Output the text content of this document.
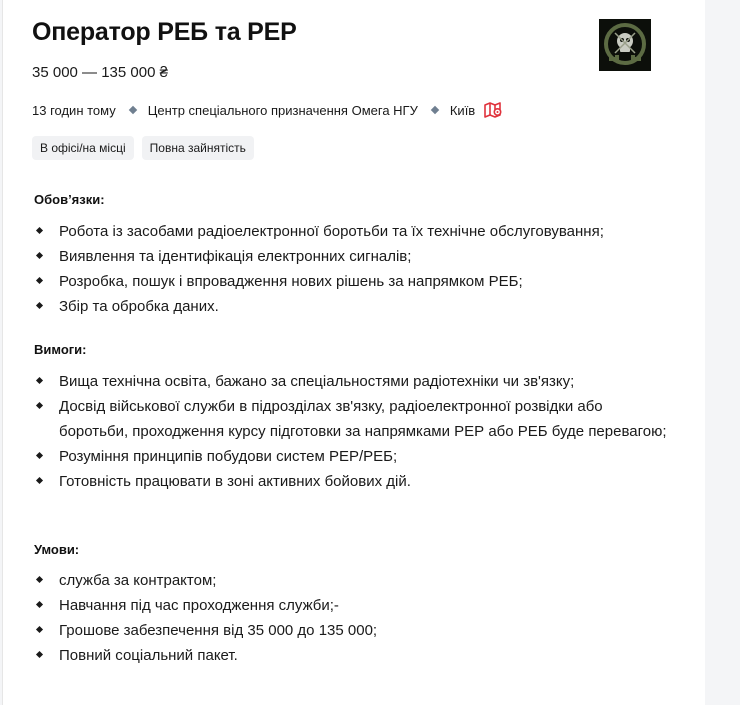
Оператор РЕБ та РЕР
35 000 — 135 000 ₴
13 годин тому Центр спеціального призначення Омега НГУ Київ
В офісі/на місці	Повна зайнятість
Обов’язки:
Робота із засобами радіоелектронної боротьби та їх технічне обслуговування;
Виявлення та ідентифікація електронних сигналів;
Розробка, пошук і впровадження нових рішень за напрямком РЕБ;
Збір та обробка даних.
Вимоги:
Вища технічна освіта, бажано за спеціальностями радіотехніки чи зв'язку;
Досвід військової служби в підрозділах зв'язку, радіоелектронної розвідки або боротьби, проходження курсу підготовки за напрямками РЕР або РЕБ буде перевагою;
Розуміння принципів побудови систем РЕР/РЕБ;
Готовність працювати в зоні активних бойових дій.
Умови:
служба за контрактом;
Навчання під час проходження служби;-
Грошове забезпечення від 35 000 до 135 000;
Повний соціальний пакет.
